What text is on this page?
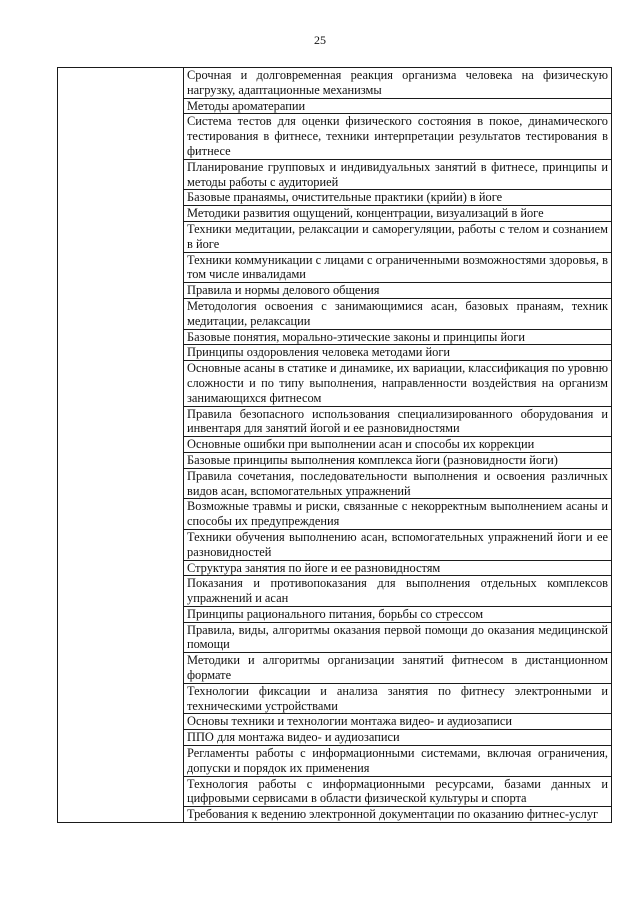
25
	Срочная и долговременная реакция организма человека на физическую нагрузку, адаптационные механизмы
Методы ароматерапии
Система тестов для оценки физического состояния в покое, динамического тестирования в фитнесе, техники интерпретации результатов тестирования в фитнесе
Планирование групповых и индивидуальных занятий в фитнесе, принципы и методы работы с аудиторией
Базовые пранаямы, очистительные практики (крийи) в йоге
Методики развития ощущений, концентрации, визуализаций в йоге
Техники медитации, релаксации и саморегуляции, работы с телом и сознанием в йоге
Техники коммуникации с лицами с ограниченными возможностями здоровья, в том числе инвалидами
Правила и нормы делового общения
Методология освоения с занимающимися асан, базовых пранаям, техник медитации, релаксации
Базовые понятия, морально-этические законы и принципы йоги
Принципы оздоровления человека методами йоги
Основные асаны в статике и динамике, их вариации, классификация по уровню сложности и по типу выполнения, направленности воздействия на организм занимающихся фитнесом
Правила безопасного использования специализированного оборудования и инвентаря для занятий йогой и ее разновидностями
Основные ошибки при выполнении асан и способы их коррекции
Базовые принципы выполнения комплекса йоги (разновидности йоги)
Правила сочетания, последовательности выполнения и освоения различных видов асан, вспомогательных упражнений
Возможные травмы и риски, связанные с некорректным выполнением асаны и способы их предупреждения
Техники обучения выполнению асан, вспомогательных упражнений йоги и ее разновидностей
Структура занятия по йоге и ее разновидностям
Показания и противопоказания для выполнения отдельных комплексов упражнений и асан
Принципы рационального питания, борьбы со стрессом
Правила, виды, алгоритмы оказания первой помощи до оказания медицинской помощи
Методики и алгоритмы организации занятий фитнесом в дистанционном формате
Технологии фиксации и анализа занятия по фитнесу электронными и техническими устройствами
Основы техники и технологии монтажа видео- и аудиозаписи
ППО для монтажа видео- и аудиозаписи
Регламенты работы с информационными системами, включая ограничения, допуски и порядок их применения
Технология работы с информационными ресурсами, базами данных и цифровыми сервисами в области физической культуры и спорта
Требования к ведению электронной документации по оказанию фитнес-услуг
